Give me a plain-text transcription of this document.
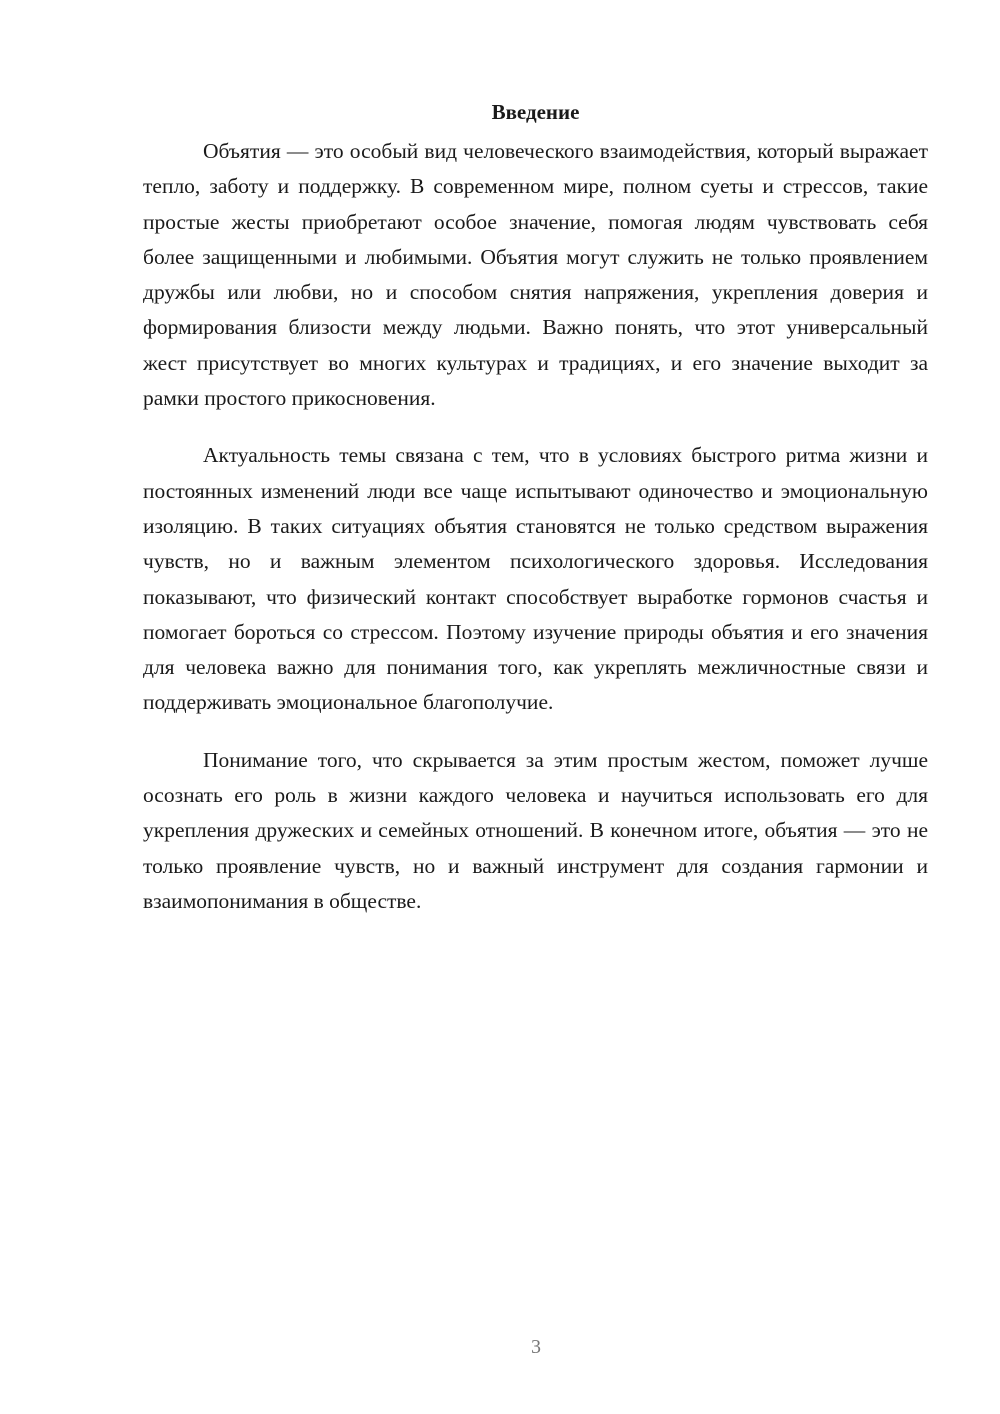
Введение

Объятия — это особый вид человеческого взаимодействия, который выражает тепло, заботу и поддержку. В современном мире, полном суеты и стрессов, такие простые жесты приобретают особое значение, помогая людям чувствовать себя более защищенными и любимыми. Объятия могут служить не только проявлением дружбы или любви, но и способом снятия напряжения, укрепления доверия и формирования близости между людьми. Важно понять, что этот универсальный жест присутствует во многих культурах и традициях, и его значение выходит за рамки простого прикосновения.

Актуальность темы связана с тем, что в условиях быстрого ритма жизни и постоянных изменений люди все чаще испытывают одиночество и эмоциональную изоляцию. В таких ситуациях объятия становятся не только средством выражения чувств, но и важным элементом психологического здоровья. Исследования показывают, что физический контакт способствует выработке гормонов счастья и помогает бороться со стрессом. Поэтому изучение природы объятия и его значения для человека важно для понимания того, как укреплять межличностные связи и поддерживать эмоциональное благополучие.

Понимание того, что скрывается за этим простым жестом, поможет лучше осознать его роль в жизни каждого человека и научиться использовать его для укрепления дружеских и семейных отношений. В конечном итоге, объятия — это не только проявление чувств, но и важный инструмент для создания гармонии и взаимопонимания в обществе.

3
